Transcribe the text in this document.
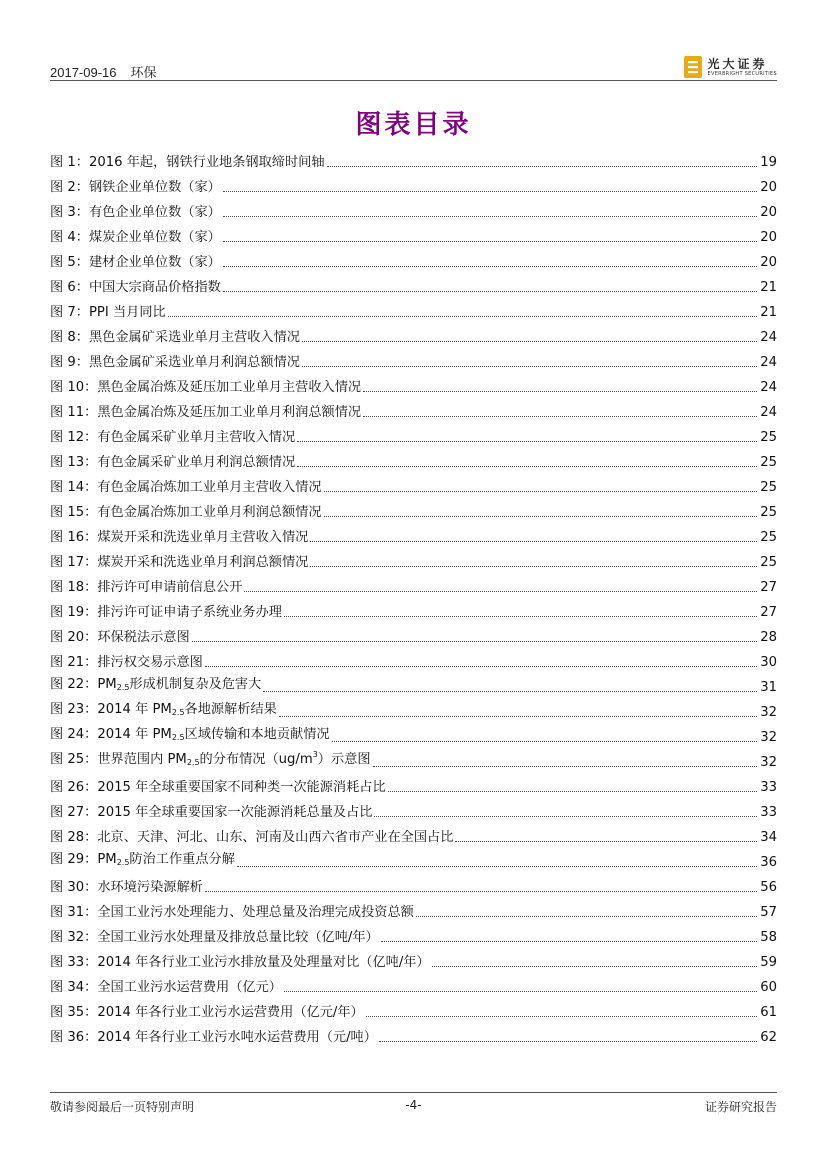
2017-09-16 环保
光大证券
EVERBRIGHT SECURITIES
图表目录
图 1：2016 年起，钢铁行业地条钢取缔时间轴	19
图 2：钢铁企业单位数（家）	20
图 3：有色企业单位数（家）	20
图 4：煤炭企业单位数（家）	20
图 5：建材企业单位数（家）	20
图 6：中国大宗商品价格指数	21
图 7：PPI 当月同比	21
图 8：黑色金属矿采选业单月主营收入情况	24
图 9：黑色金属矿采选业单月利润总额情况	24
图 10：黑色金属冶炼及延压加工业单月主营收入情况	24
图 11：黑色金属冶炼及延压加工业单月利润总额情况	24
图 12：有色金属采矿业单月主营收入情况	25
图 13：有色金属采矿业单月利润总额情况	25
图 14：有色金属冶炼加工业单月主营收入情况	25
图 15：有色金属冶炼加工业单月利润总额情况	25
图 16：煤炭开采和洗选业单月主营收入情况	25
图 17：煤炭开采和洗选业单月利润总额情况	25
图 18：排污许可申请前信息公开	27
图 19：排污许可证申请子系统业务办理	27
图 20：环保税法示意图	28
图 21：排污权交易示意图	30
图 22：$PM_{2.5}$形成机制复杂及危害大	31
图 23：2014 年 $PM_{2.5}$各地源解析结果	32
图 24：2014 年 $PM_{2.5}$区域传输和本地贡献情况	32
图 25：世界范围内 $PM_{2.5}$的分布情况$(ug/m^3)$示意图	32
图 26：2015 年全球重要国家不同种类一次能源消耗占比	33
图 27：2015 年全球重要国家一次能源消耗总量及占比	33
图 28：北京、天津、河北、山东、河南及山西六省市产业在全国占比	34
图 29：$PM_{2.5}$防治工作重点分解	36
图 30：水环境污染源解析	56
图 31：全国工业污水处理能力、处理总量及治理完成投资总额	57
图 32：全国工业污水处理量及排放总量比较（亿吨/年）	58
图 33：2014 年各行业工业污水排放量及处理量对比（亿吨/年）	59
图 34：全国工业污水运营费用（亿元）	60
图 35：2014 年各行业工业污水运营费用（亿元/年）	61
图 36：2014 年各行业工业污水吨水运营费用（元/吨）	62
敬请参阅最后一页特别声明	-4-	证券研究报告
